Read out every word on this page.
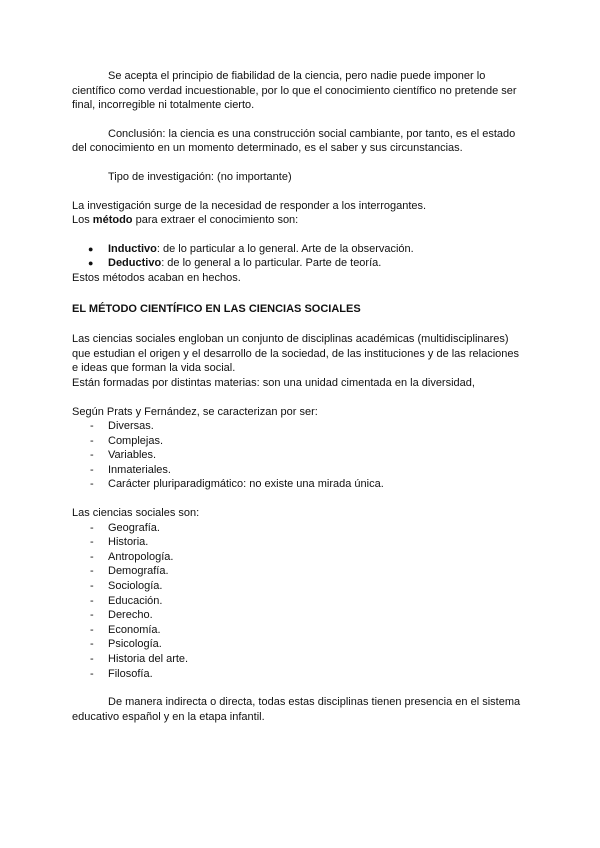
Se acepta el principio de fiabilidad de la ciencia, pero nadie puede imponer lo científico como verdad incuestionable, por lo que el conocimiento científico no pretende ser final, incorregible ni totalmente cierto.

Conclusión: la ciencia es una construcción social cambiante, por tanto, es el estado del conocimiento en un momento determinado, es el saber y sus circunstancias.

Tipo de investigación: (no importante)

La investigación surge de la necesidad de responder a los interrogantes.

Los método para extraer el conocimiento son:

● Inductivo: de lo particular a lo general. Arte de la observación.
● Deductivo: de lo general a lo particular. Parte de teoría.

Estos métodos acaban en hechos.

EL MÉTODO CIENTÍFICO EN LAS CIENCIAS SOCIALES

Las ciencias sociales engloban un conjunto de disciplinas académicas (multidisciplinares) que estudian el origen y el desarrollo de la sociedad, de las instituciones y de las relaciones e ideas que forman la vida social.

Están formadas por distintas materias: son una unidad cimentada en la diversidad,

Según Prats y Fernández, se caracterizan por ser:

- Diversas.
- Complejas.
- Variables.
- Inmateriales.
- Carácter pluriparadigmático: no existe una mirada única.

Las ciencias sociales son:

- Geografía.
- Historia.
- Antropología.
- Demografía.
- Sociología.
- Educación.
- Derecho.
- Economía.
- Psicología.
- Historia del arte.
- Filosofía.

De manera indirecta o directa, todas estas disciplinas tienen presencia en el sistema educativo español y en la etapa infantil.
